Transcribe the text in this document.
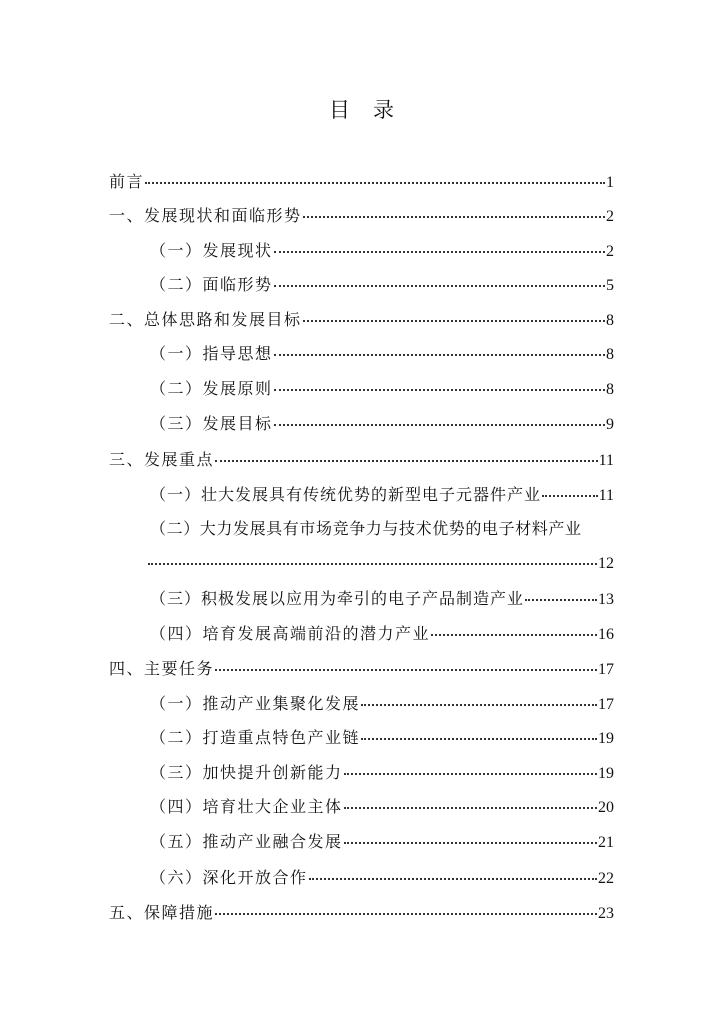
目　录
前言	1
一、发展现状和面临形势	2
（一）发展现状	2
（二）面临形势	5
二、总体思路和发展目标	8
（一）指导思想	8
（二）发展原则	8
（三）发展目标	9
三、发展重点	11
（一）壮大发展具有传统优势的新型电子元器件产业	11
（二）大力发展具有市场竞争力与技术优势的电子材料产业
12
（三）积极发展以应用为牵引的电子产品制造产业	13
（四）培育发展高端前沿的潜力产业	16
四、主要任务	17
（一）推动产业集聚化发展	17
（二）打造重点特色产业链	19
（三）加快提升创新能力	19
（四）培育壮大企业主体	20
（五）推动产业融合发展	21
（六）深化开放合作	22
五、保障措施	23
